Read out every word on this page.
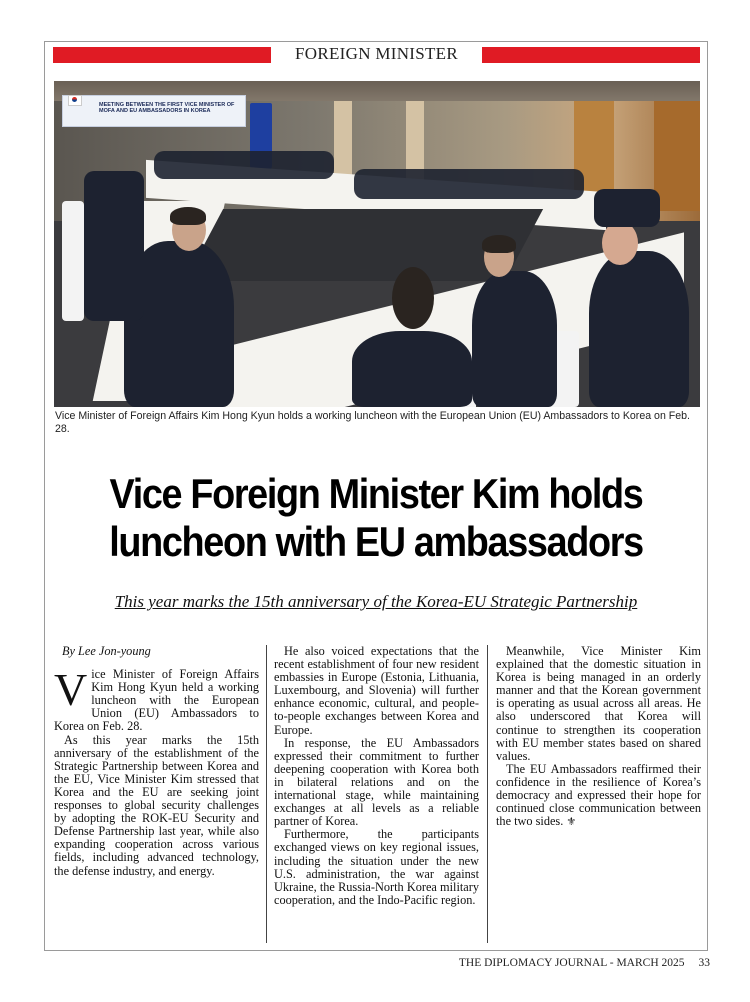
FOREIGN MINISTER
MEETING BETWEEN THE FIRST VICE MINISTER OF MOFA AND EU AMBASSADORS IN KOREA
Vice Minister of Foreign Affairs Kim Hong Kyun holds a working luncheon with the European Union (EU) Ambassadors to Korea on Feb. 28.
Vice Foreign Minister Kim holds
luncheon with EU ambassadors
This year marks the 15th anniversary of the Korea-EU Strategic Partnership
By Lee Jon-young

Vice Minister of Foreign Affairs Kim Hong Kyun held a working luncheon with the European Union (EU) Ambassadors to Korea on Feb. 28.

As this year marks the 15th anniversary of the establishment of the Strategic Partnership between Korea and the EU, Vice Minister Kim stressed that Korea and the EU are seeking joint responses to global security challenges by adopting the ROK-EU Security and Defense Partnership last year, while also expanding cooperation across various fields, including advanced technology, the defense industry, and energy.

He also voiced expectations that the recent establishment of four new resident embassies in Europe (Estonia, Lithuania, Luxembourg, and Slovenia) will further enhance economic, cultural, and people-to-people exchanges between Korea and Europe.

In response, the EU Ambassadors expressed their commitment to further deepening cooperation with Korea both in bilateral relations and on the international stage, while maintaining exchanges at all levels as a reliable partner of Korea.

Furthermore, the participants exchanged views on key regional issues, including the situation under the new U.S. administration, the war against Ukraine, the Russia-North Korea military cooperation, and the Indo-Pacific region.

Meanwhile, Vice Minister Kim explained that the domestic situation in Korea is being managed in an orderly manner and that the Korean government is operating as usual across all areas. He also underscored that Korea will continue to strengthen its cooperation with EU member states based on shared values.

The EU Ambassadors reaffirmed their confidence in the resilience of Korea’s democracy and expressed their hope for continued close communication between the two sides. ⚜

THE DIPLOMACY JOURNAL - MARCH 2025 33
